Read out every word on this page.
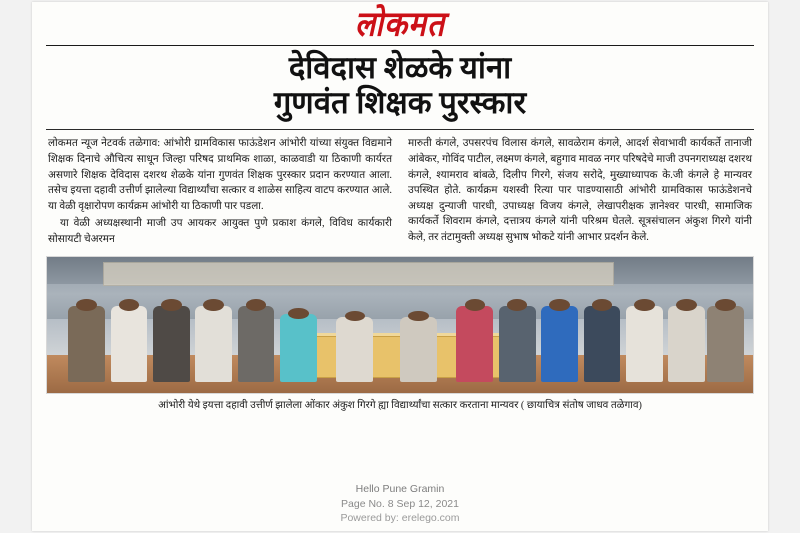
लोकमत
देविदास शेळके यांना
गुणवंत शिक्षक पुरस्कार

लोकमत न्यूज नेटवर्क तळेगाव: आंभोरी ग्रामविकास फाऊंडेशन आंभोरी यांच्या संयुक्त विद्यमाने शिक्षक दिनाचे औचित्य साधून जिल्हा परिषद प्राथमिक शाळा, काळवाडी या ठिकाणी कार्यरत असणारे शिक्षक देविदास दशरथ शेळके यांना गुणवंत शिक्षक पुरस्कार प्रदान करण्यात आला. तसेच इयत्ता दहावी उत्तीर्ण झालेल्या विद्यार्थ्यांचा सत्कार व शाळेस साहित्य वाटप करण्यात आले. या वेळी वृक्षारोपण कार्यक्रम आंभोरी या ठिकाणी पार पडला.

या वेळी अध्यक्षस्थानी माजी उप आयकर आयुक्त पुणे प्रकाश कंगले, विविध कार्यकारी सोसायटी चेअरमन

मारुती कंगले, उपसरपंच विलास कंगले, सावळेराम कंगले, आदर्श सेवाभावी कार्यकर्ते तानाजी आंबेकर, गोविंद पाटील, लक्ष्मण कंगले, बहुगाव मावळ नगर परिषदेचे माजी उपनगराध्यक्ष दशरथ कंगले, श्यामराव बांबळे, दिलीप गिरगे, संजय सरोदे, मुख्याध्यापक के.जी कंगले हे मान्यवर उपस्थित होते. कार्यक्रम यशस्वी रित्या पार पाडण्यासाठी आंभोरी ग्रामविकास फाऊंडेशनचे अध्यक्ष दुन्याजी पारधी, उपाध्यक्ष विजय कंगले, लेखापरीक्षक ज्ञानेश्वर पारधी, सामाजिक कार्यकर्ते शिवराम कंगले, दत्तात्रय कंगले यांनी परिश्रम घेतले. सूत्रसंचालन अंकुश गिरगे यांनी केले, तर तंटामुक्ती अध्यक्ष सुभाष भोकटे यांनी आभार प्रदर्शन केले.

आंभोरी येथे इयत्ता दहावी उत्तीर्ण झालेला ओंकार अंकुश गिरगे ह्या विद्यार्थ्यांचा सत्कार करताना मान्यवर ( छायाचित्र संतोष जाधव तळेगाव)
Hello Pune Gramin
Page No. 8 Sep 12, 2021
Powered by: erelego.com
